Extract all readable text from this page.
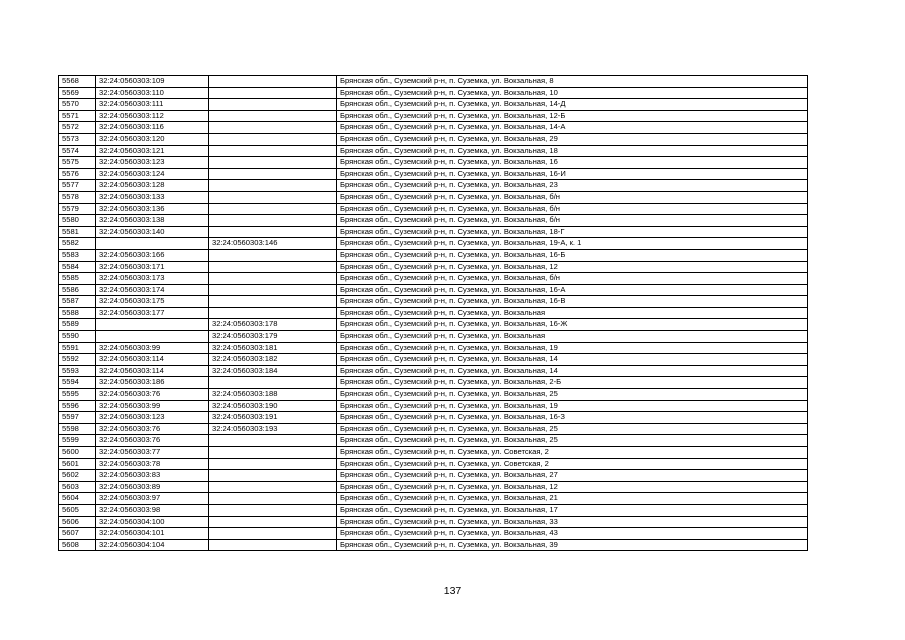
5568	32:24:0560303:109		Брянская обл., Суземский р-н, п. Суземка, ул. Вокзальная, 8
5569	32:24:0560303:110		Брянская обл., Суземский р-н, п. Суземка, ул. Вокзальная, 10
5570	32:24:0560303:111		Брянская обл., Суземский р-н, п. Суземка, ул. Вокзальная, 14-Д
5571	32:24:0560303:112		Брянская обл., Суземский р-н, п. Суземка, ул. Вокзальная, 12-Б
5572	32:24:0560303:116		Брянская обл., Суземский р-н, п. Суземка, ул. Вокзальная, 14-А
5573	32:24:0560303:120		Брянская обл., Суземский р-н, п. Суземка, ул. Вокзальная, 29
5574	32:24:0560303:121		Брянская обл., Суземский р-н, п. Суземка, ул. Вокзальная, 18
5575	32:24:0560303:123		Брянская обл., Суземский р-н, п. Суземка, ул. Вокзальная, 16
5576	32:24:0560303:124		Брянская обл., Суземский р-н, п. Суземка, ул. Вокзальная, 16-И
5577	32:24:0560303:128		Брянская обл., Суземский р-н, п. Суземка, ул. Вокзальная, 23
5578	32:24:0560303:133		Брянская обл., Суземский р-н, п. Суземка, ул. Вокзальная, б/н
5579	32:24:0560303:136		Брянская обл., Суземский р-н, п. Суземка, ул. Вокзальная, б/н
5580	32:24:0560303:138		Брянская обл., Суземский р-н, п. Суземка, ул. Вокзальная, б/н
5581	32:24:0560303:140		Брянская обл., Суземский р-н, п. Суземка, ул. Вокзальная, 18-Г
5582		32:24:0560303:146	Брянская обл., Суземский р-н, п. Суземка, ул. Вокзальная, 19-А, к. 1
5583	32:24:0560303:166		Брянская обл., Суземский р-н, п. Суземка, ул. Вокзальная, 16-Б
5584	32:24:0560303:171		Брянская обл., Суземский р-н, п. Суземка, ул. Вокзальная, 12
5585	32:24:0560303:173		Брянская обл., Суземский р-н, п. Суземка, ул. Вокзальная, б/н
5586	32:24:0560303:174		Брянская обл., Суземский р-н, п. Суземка, ул. Вокзальная, 16-А
5587	32:24:0560303:175		Брянская обл., Суземский р-н, п. Суземка, ул. Вокзальная, 16-В
5588	32:24:0560303:177		Брянская обл., Суземский р-н, п. Суземка, ул. Вокзальная
5589		32:24:0560303:178	Брянская обл., Суземский р-н, п. Суземка, ул. Вокзальная, 16-Ж
5590		32:24:0560303:179	Брянская обл., Суземский р-н, п. Суземка, ул. Вокзальная
5591	32:24:0560303:99	32:24:0560303:181	Брянская обл., Суземский р-н, п. Суземка, ул. Вокзальная, 19
5592	32:24:0560303:114	32:24:0560303:182	Брянская обл., Суземский р-н, п. Суземка, ул. Вокзальная, 14
5593	32:24:0560303:114	32:24:0560303:184	Брянская обл., Суземский р-н, п. Суземка, ул. Вокзальная, 14
5594	32:24:0560303:186		Брянская обл., Суземский р-н, п. Суземка, ул. Вокзальная, 2-Б
5595	32:24:0560303:76	32:24:0560303:188	Брянская обл., Суземский р-н, п. Суземка, ул. Вокзальная, 25
5596	32:24:0560303:99	32:24:0560303:190	Брянская обл., Суземский р-н, п. Суземка, ул. Вокзальная, 19
5597	32:24:0560303:123	32:24:0560303:191	Брянская обл., Суземский р-н, п. Суземка, ул. Вокзальная, 16-З
5598	32:24:0560303:76	32:24:0560303:193	Брянская обл., Суземский р-н, п. Суземка, ул. Вокзальная, 25
5599	32:24:0560303:76		Брянская обл., Суземский р-н, п. Суземка, ул. Вокзальная, 25
5600	32:24:0560303:77		Брянская обл., Суземский р-н, п. Суземка, ул. Советская, 2
5601	32:24:0560303:78		Брянская обл., Суземский р-н, п. Суземка, ул. Советская, 2
5602	32:24:0560303:83		Брянская обл., Суземский р-н, п. Суземка, ул. Вокзальная, 27
5603	32:24:0560303:89		Брянская обл., Суземский р-н, п. Суземка, ул. Вокзальная, 12
5604	32:24:0560303:97		Брянская обл., Суземский р-н, п. Суземка, ул. Вокзальная, 21
5605	32:24:0560303:98		Брянская обл., Суземский р-н, п. Суземка, ул. Вокзальная, 17
5606	32:24:0560304:100		Брянская обл., Суземский р-н, п. Суземка, ул. Вокзальная, 33
5607	32:24:0560304:101		Брянская обл., Суземский р-н, п. Суземка, ул. Вокзальная, 43
5608	32:24:0560304:104		Брянская обл., Суземский р-н, п. Суземка, ул. Вокзальная, 39
137
